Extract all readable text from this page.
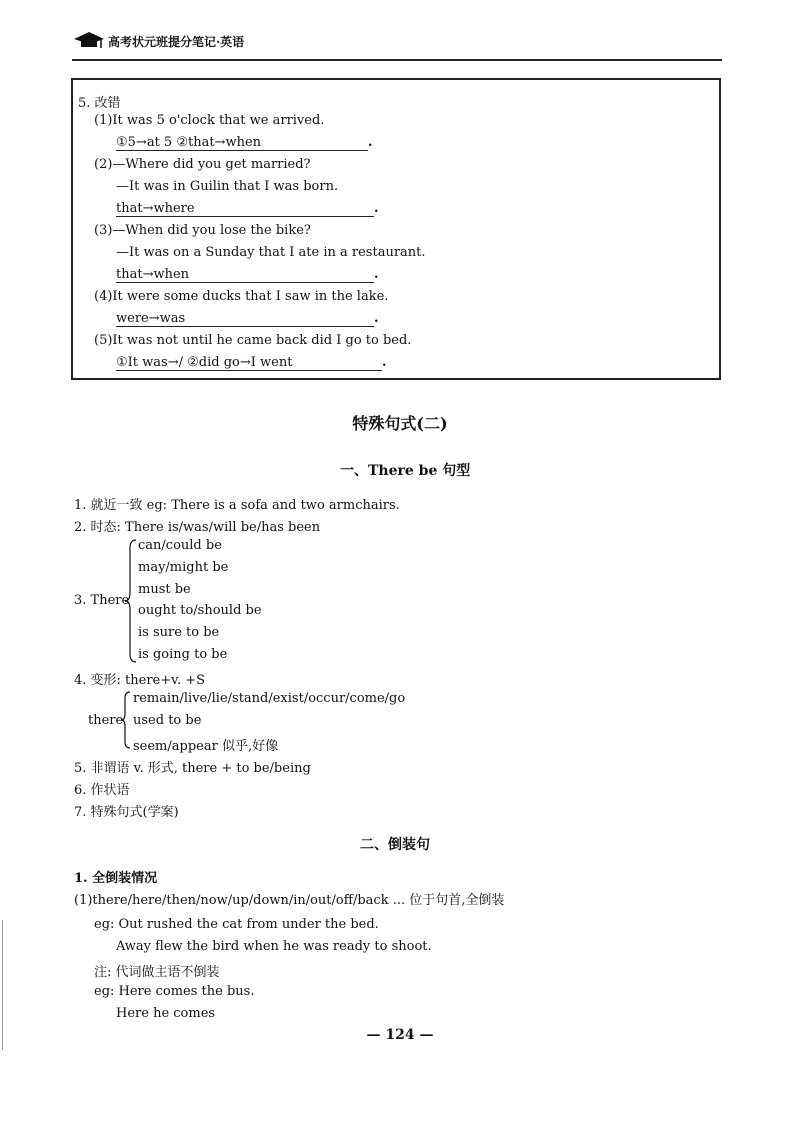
高考状元班提分笔记·英语
5. 改错
(1)It was 5 o'clock that we arrived.
①5→at 5 ②that→when	.
(2)—Where did you get married?
—It was in Guilin that I was born.
that→where	.
(3)—When did you lose the bike?
—It was on a Sunday that I ate in a restaurant.
that→when	.
(4)It were some ducks that I saw in the lake.
were→was	.
(5)It was not until he came back did I go to bed.
①It was→/ ②did go→I went	.
特殊句式(二)
一、There be 句型
1. 就近一致 eg: There is a sofa and two armchairs.
2. 时态: There is/was/will be/has been
3. There
can/could be
may/might be
must be
ought to/should be
is sure to be
is going to be
4. 变形: there+v. +S
there
remain/live/lie/stand/exist/occur/come/go
used to be
seem/appear 似乎,好像
5. 非谓语 v. 形式, there + to be/being
6. 作状语
7. 特殊句式(学案)
二、倒装句
1. 全倒装情况
(1)there/here/then/now/up/down/in/out/off/back ... 位于句首,全倒装
eg: Out rushed the cat from under the bed.
Away flew the bird when he was ready to shoot.
注: 代词做主语不倒装
eg: Here comes the bus.
Here he comes
— 124 —
